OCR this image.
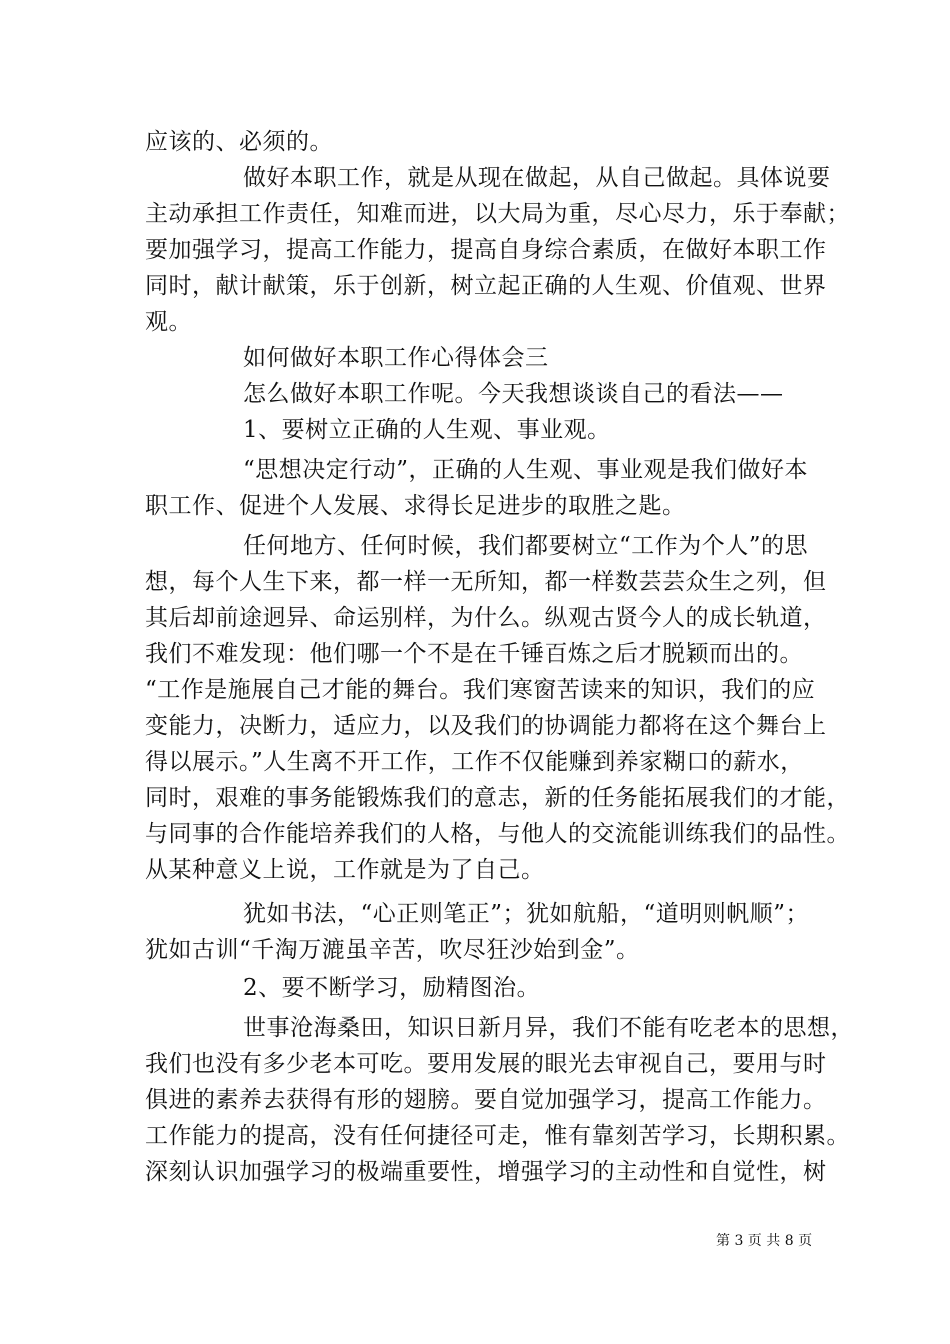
应该的、必须的。
做好本职工作，就是从现在做起，从自己做起。具体说要
主动承担工作责任，知难而进，以大局为重，尽心尽力，乐于奉献；
要加强学习，提高工作能力，提高自身综合素质，在做好本职工作
同时，献计献策，乐于创新，树立起正确的人生观、价值观、世界
观。
如何做好本职工作心得体会三
怎么做好本职工作呢。今天我想谈谈自己的看法——
1、要树立正确的人生观、事业观。
“思想决定行动”，正确的人生观、事业观是我们做好本
职工作、促进个人发展、求得长足进步的取胜之匙。
任何地方、任何时候，我们都要树立“工作为个人”的思
想，每个人生下来，都一样一无所知，都一样数芸芸众生之列，但
其后却前途迥异、命运别样，为什么。纵观古贤今人的成长轨道，
我们不难发现：他们哪一个不是在千锤百炼之后才脱颖而出的。
“工作是施展自己才能的舞台。我们寒窗苦读来的知识，我们的应
变能力，决断力，适应力，以及我们的协调能力都将在这个舞台上
得以展示。”人生离不开工作，工作不仅能赚到养家糊口的薪水，
同时，艰难的事务能锻炼我们的意志，新的任务能拓展我们的才能，
与同事的合作能培养我们的人格，与他人的交流能训练我们的品性。
从某种意义上说，工作就是为了自己。
犹如书法，“心正则笔正”；犹如航船，“道明则帆顺”；
犹如古训“千淘万漉虽辛苦，吹尽狂沙始到金”。
2、要不断学习，励精图治。
世事沧海桑田，知识日新月异，我们不能有吃老本的思想，
我们也没有多少老本可吃。要用发展的眼光去审视自己，要用与时
俱进的素养去获得有形的翅膀。要自觉加强学习，提高工作能力。
工作能力的提高，没有任何捷径可走，惟有靠刻苦学习，长期积累。
深刻认识加强学习的极端重要性，增强学习的主动性和自觉性，树
第 3 页 共 8 页
